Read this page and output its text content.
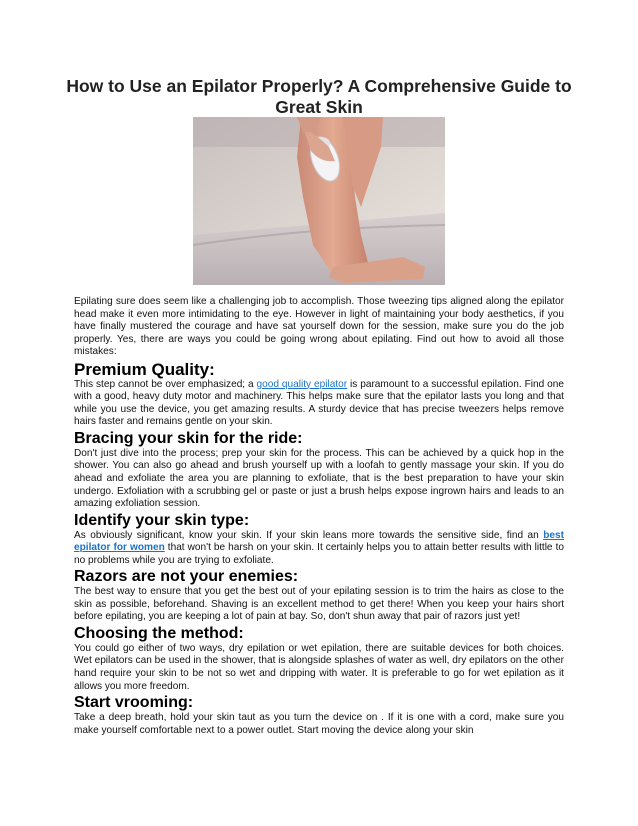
How to Use an Epilator Properly? A Comprehensive Guide to Great Skin

Epilating sure does seem like a challenging job to accomplish. Those tweezing tips aligned along the epilator head make it even more intimidating to the eye. However in light of maintaining your body aesthetics, if you have finally mustered the courage and have sat yourself down for the session, make sure you do the job properly. Yes, there are ways you could be going wrong about epilating. Find out how to avoid all those mistakes:

Premium Quality:

This step cannot be over emphasized; a good quality epilator is paramount to a successful epilation. Find one with a good, heavy duty motor and machinery. This helps make sure that the epilator lasts you long and that while you use the device, you get amazing results. A sturdy device that has precise tweezers helps remove hairs faster and remains gentle on your skin.

Bracing your skin for the ride:

Don't just dive into the process; prep your skin for the process. This can be achieved by a quick hop in the shower. You can also go ahead and brush yourself up with a loofah to gently massage your skin. If you do ahead and exfoliate the area you are planning to exfoliate, that is the best preparation to have your skin undergo. Exfoliation with a scrubbing gel or paste or just a brush helps expose ingrown hairs and leads to an amazing exfoliation session.

Identify your skin type:

As obviously significant, know your skin. If your skin leans more towards the sensitive side, find an best epilator for women that won't be harsh on your skin. It certainly helps you to attain better results with little to no problems while you are trying to exfoliate.

Razors are not your enemies:

The best way to ensure that you get the best out of your epilating session is to trim the hairs as close to the skin as possible, beforehand. Shaving is an excellent method to get there! When you keep your hairs short before epilating, you are keeping a lot of pain at bay. So, don't shun away that pair of razors just yet!

Choosing the method:

You could go either of two ways, dry epilation or wet epilation, there are suitable devices for both choices. Wet epilators can be used in the shower, that is alongside splashes of water as well, dry epilators on the other hand require your skin to be not so wet and dripping with water. It is preferable to go for wet epilation as it allows you more freedom.

Start vrooming:

Take a deep breath, hold your skin taut as you turn the device on . If it is one with a cord, make sure you make yourself comfortable next to a power outlet. Start moving the device along your skin
